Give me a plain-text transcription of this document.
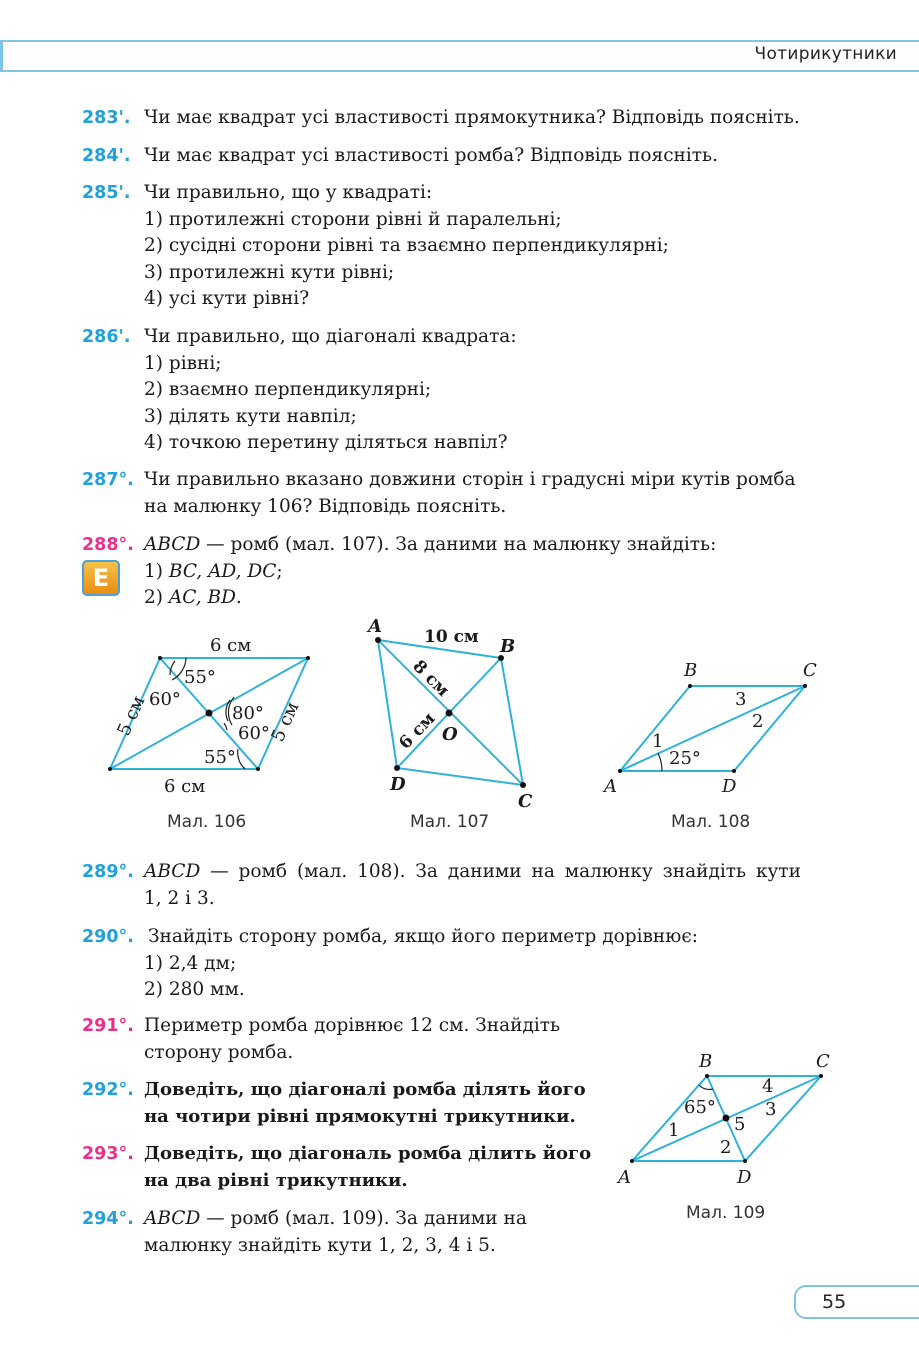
Чотирикутники
283'. Чи має квадрат усі властивості прямокутника? Відповідь поясніть.
284'. Чи має квадрат усі властивості ромба? Відповідь поясніть.
285'. Чи правильно, що у квадраті:
1) протилежні сторони рівні й паралельні;
2) сусідні сторони рівні та взаємно перпендикулярні;
3) протилежні кути рівні;
4) усі кути рівні?
286'. Чи правильно, що діагоналі квадрата:
1) рівні;
2) взаємно перпендикулярні;
3) ділять кути навпіл;
4) точкою перетину діляться навпіл?
287°. Чи правильно вказано довжини сторін і градусні міри кутів ромба
на малюнку 106? Відповідь поясніть.
288°. ABCD — ромб (мал. 107). За даними на малюнку знайдіть:
1) BC, AD, DC;
2) AC, BD.
E
6 см
6 см
5 см	5 см
55°
60°
80°
60°
55°
Мал. 106
A
B
C
D
O
10 см
8 см
6 см
Мал. 107
B	C
A	D
1
2
3
25°
Мал. 108
289°. ABCD — ромб (мал. 108). За даними на малюнку знайдіть кути
1, 2 і 3.
290°. Знайдіть сторону ромба, якщо його периметр дорівнює:
1) 2,4 дм;
2) 280 мм.
291°. Периметр ромба дорівнює 12 см. Знайдіть
сторону ромба.
292°. Доведіть, що діагоналі ромба ділять його
на чотири рівні прямокутні трикутники.
293°. Доведіть, що діагональ ромба ділить його
на два рівні трикутники.
294°. ABCD — ромб (мал. 109). За даними на
малюнку знайдіть кути 1, 2, 3, 4 і 5.
B	C
A	D
1
2
3
4
5
65°
Мал. 109
55
